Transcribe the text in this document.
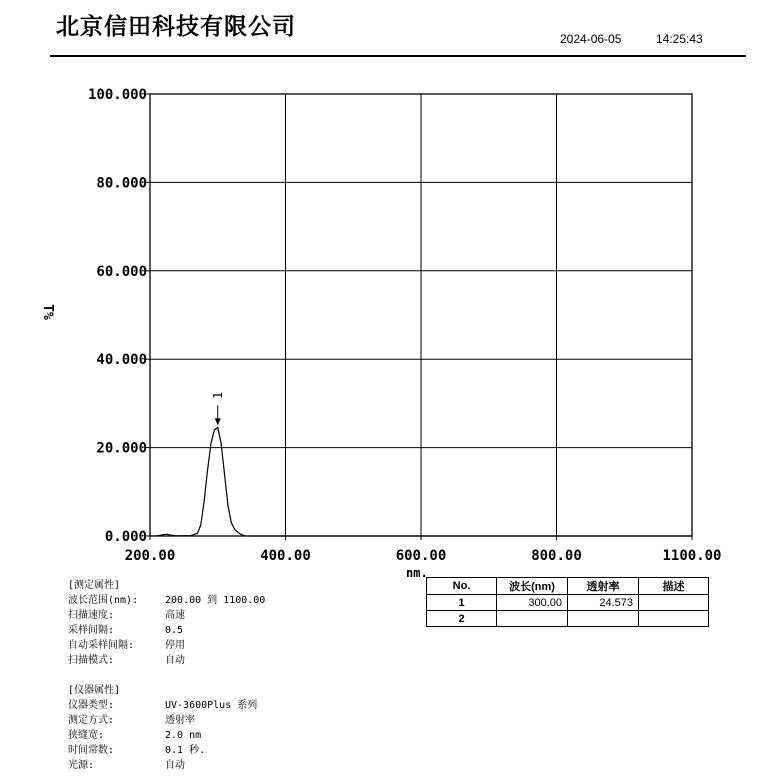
北京信田科技有限公司	2024-06-05	14:25:43
0.000
20.000
40.000
60.000
80.000
100.000
200.00	400.00	600.00	800.00	1100.00
1
T%
nm.
No.	波长(nm)	透射率	描述
1	300.00	24.573	
2			
[测定属性]
波长范围(nm):	200.00 到 1100.00
扫描速度:	高速
采样间隔:	0.5
自动采样间隔:	停用
扫描模式:	自动
[仪器属性]
仪器类型:	UV-3600Plus 系列
测定方式:	透射率
狭缝宽:	2.0 nm
时间常数:	0.1 秒.
光源:	自动
